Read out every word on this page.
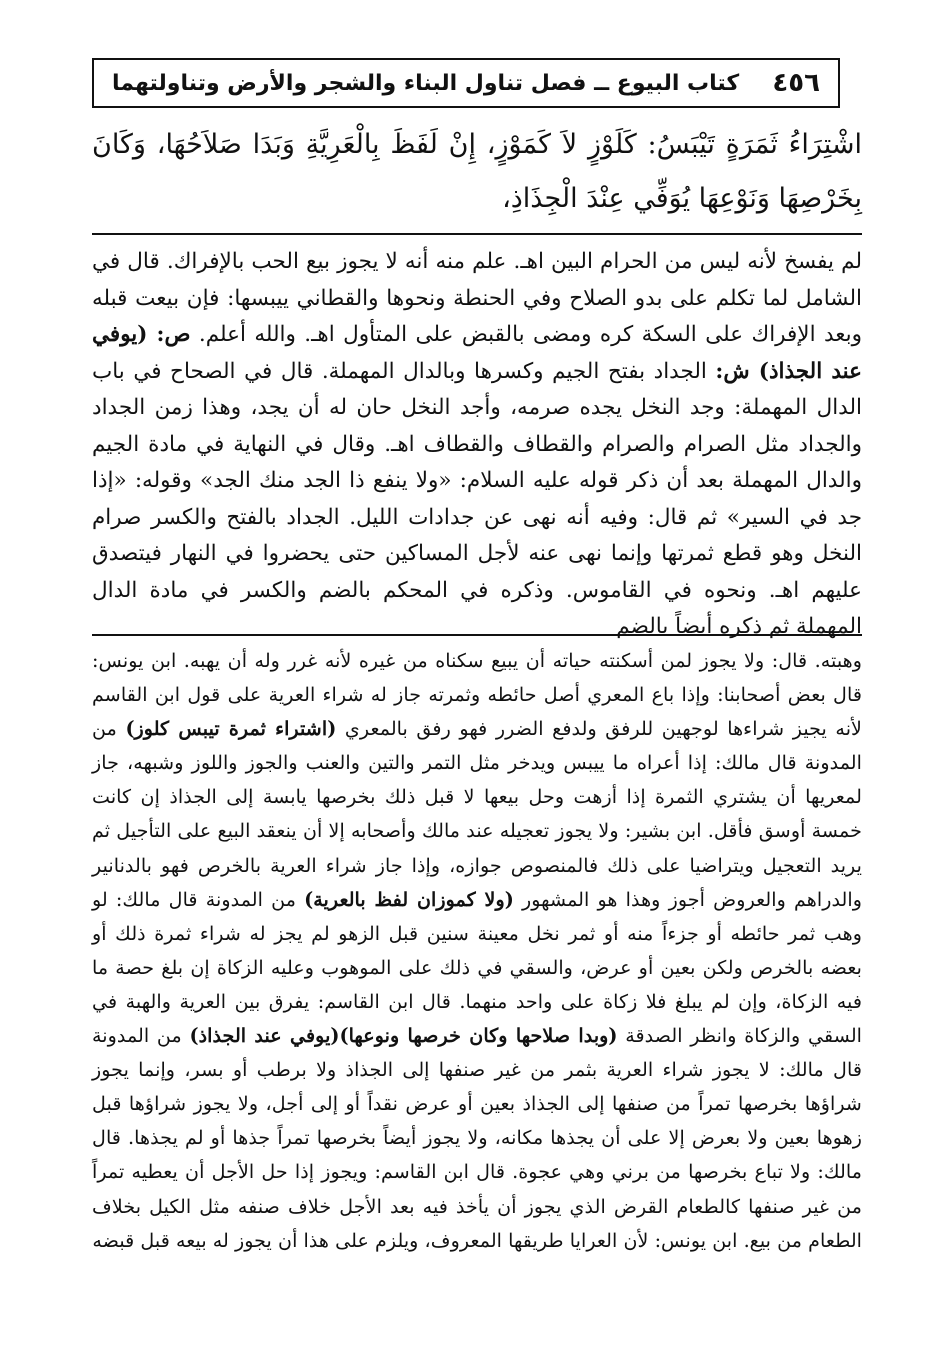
٤٥٦
كتاب البيوع ــ فصل تناول البناء والشجر والأرض وتناولتهما
اشْتِرَاءُ ثَمَرَةٍ تَيْبَسُ: كَلَوْزٍ لاَ كَمَوْزٍ، إِنْ لَفَظَ بِالْعَرِيَّةِ وَبَدَا صَلاَحُهَا، وَكَانَ بِخَرْصِهَا وَنَوْعِهَا يُوَفِّي عِنْدَ الْجِذَاذِ،

لم يفسخ لأنه ليس من الحرام البين اهـ. علم منه أنه لا يجوز بيع الحب بالإفراك. قال في الشامل لما تكلم على بدو الصلاح وفي الحنطة ونحوها والقطاني ييبسها: فإن بيعت قبله وبعد الإفراك على السكة كره ومضى بالقبض على المتأول اهـ. والله أعلم. ص: (يوفي عند الجذاذ) ش: الجداد بفتح الجيم وكسرها وبالدال المهملة. قال في الصحاح في باب الدال المهملة: وجد النخل يجده صرمه، وأجد النخل حان له أن يجد، وهذا زمن الجداد والجداد مثل الصرام والصرام والقطاف والقطاف اهـ. وقال في النهاية في مادة الجيم والدال المهملة بعد أن ذكر قوله عليه السلام: «ولا ينفع ذا الجد منك الجد» وقوله: «إذا جد في السير» ثم قال: وفيه أنه نهى عن جدادات الليل. الجداد بالفتح والكسر صرام النخل وهو قطع ثمرتها وإنما نهى عنه لأجل المساكين حتى يحضروا في النهار فيتصدق عليهم اهـ. ونحوه في القاموس. وذكره في المحكم بالضم والكسر في مادة الدال المهملة ثم ذكره أيضاً بالضم

وهبته. قال: ولا يجوز لمن أسكنته حياته أن يبيع سكناه من غيره لأنه غرر وله أن يهبه. ابن يونس: قال بعض أصحابنا: وإذا باع المعري أصل حائطه وثمرته جاز له شراء العرية على قول ابن القاسم لأنه يجيز شراءها لوجهين للرفق ولدفع الضرر فهو رفق بالمعري (اشتراء ثمرة تيبس كلوز) من المدونة قال مالك: إذا أعراه ما ييبس ويدخر مثل التمر والتين والعنب والجوز واللوز وشبهه، جاز لمعريها أن يشتري الثمرة إذا أزهت وحل بيعها لا قبل ذلك بخرصها يابسة إلى الجذاذ إن كانت خمسة أوسق فأقل. ابن بشير: ولا يجوز تعجيله عند مالك وأصحابه إلا أن ينعقد البيع على التأجيل ثم يريد التعجيل ويتراضيا على ذلك فالمنصوص جوازه، وإذا جاز شراء العرية بالخرص فهو بالدنانير والدراهم والعروض أجوز وهذا هو المشهور (ولا كموزان لفظ بالعرية) من المدونة قال مالك: لو وهب ثمر حائطه أو جزءاً منه أو ثمر نخل معينة سنين قبل الزهو لم يجز له شراء ثمرة ذلك أو بعضه بالخرص ولكن بعين أو عرض، والسقي في ذلك على الموهوب وعليه الزكاة إن بلغ حصة ما فيه الزكاة، وإن لم يبلغ فلا زكاة على واحد منهما. قال ابن القاسم: يفرق بين العرية والهبة في السقي والزكاة وانظر الصدقة (وبدا صلاحها وكان خرصها ونوعها)(يوفي عند الجذاذ) من المدونة قال مالك: لا يجوز شراء العرية بثمر من غير صنفها إلى الجذاذ ولا برطب أو بسر، وإنما يجوز شراؤها بخرصها تمراً من صنفها إلى الجذاذ بعين أو عرض نقداً أو إلى أجل، ولا يجوز شراؤها قبل زهوها بعين ولا بعرض إلا على أن يجذها مكانه، ولا يجوز أيضاً بخرصها تمراً جذها أو لم يجذها. قال مالك: ولا تباع بخرصها من برني وهي عجوة. قال ابن القاسم: ويجوز إذا حل الأجل أن يعطيه تمراً من غير صنفها كالطعام القرض الذي يجوز أن يأخذ فيه بعد الأجل خلاف صنفه مثل الكيل بخلاف الطعام من بيع. ابن يونس: لأن العرايا طريقها المعروف، ويلزم على هذا أن يجوز له بيعه قبل قبضه
